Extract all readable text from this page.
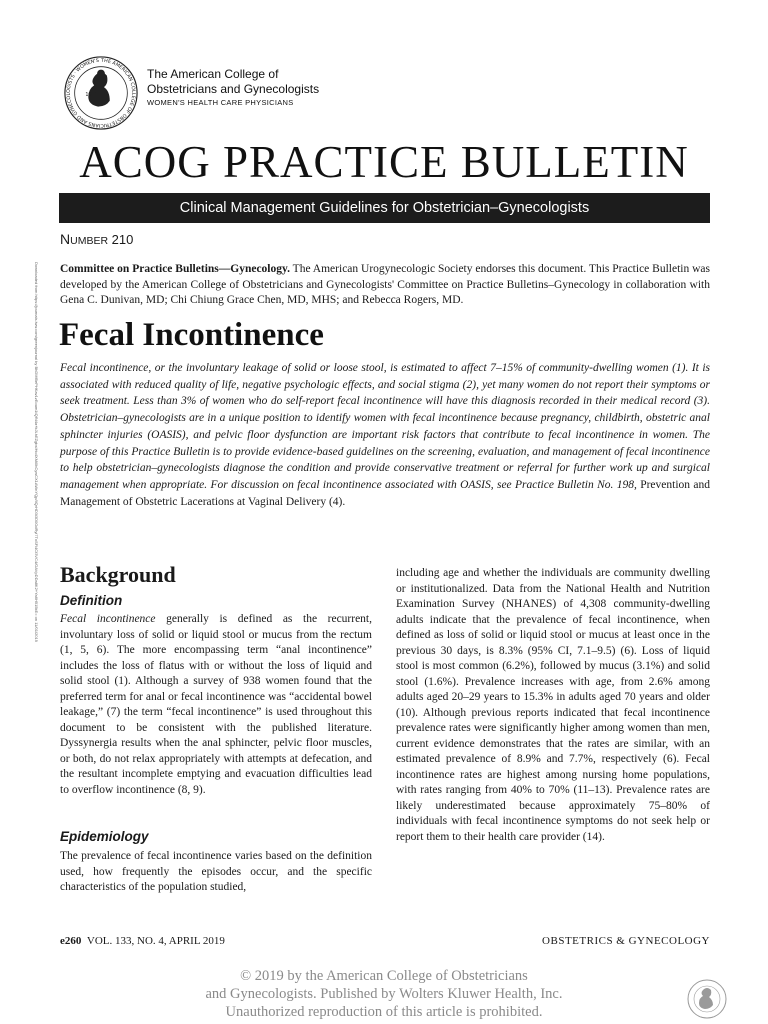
THE AMERICAN COLLEGE OF OBSTETRICIANS AND GYNECOLOGISTS · WOMEN'S
1951
The American College of
Obstetricians and Gynecologists
WOMEN'S HEALTH CARE PHYSICIANS
ACOG PRACTICE BULLETIN
Clinical Management Guidelines for Obstetrician–Gynecologists
NUMBER 210
Downloaded from https://journals.lww.com/greenjournal by BhDMf5ePHKav1zEoum1tQfN4a+kJLhEZgbsIHo4XMi0hCywCX1AWnYQp/IlQrHD3i3D0OdRyi7TvSFl4Cf3VC4/OAVpDDa8K2+Ya6H515kE= on 11/01/2019 Committee on Practice Bulletins—Gynecology. The American Urogynecologic Society endorses this document. This Practice Bulletin was developed by the American College of Obstetricians and Gynecologists' Committee on Practice Bulletins–Gynecology in collaboration with Gena C. Dunivan, MD; Chi Chiung Grace Chen, MD, MHS; and Rebecca Rogers, MD.
Fecal Incontinence
Fecal incontinence, or the involuntary leakage of solid or loose stool, is estimated to affect 7–15% of community-dwelling women (1). It is associated with reduced quality of life, negative psychologic effects, and social stigma (2), yet many women do not report their symptoms or seek treatment. Less than 3% of women who do self-report fecal incontinence will have this diagnosis recorded in their medical record (3). Obstetrician–gynecologists are in a unique position to identify women with fecal incontinence because pregnancy, childbirth, obstetric anal sphincter injuries (OASIS), and pelvic floor dysfunction are important risk factors that contribute to fecal incontinence in women. The purpose of this Practice Bulletin is to provide evidence-based guidelines on the screening, evaluation, and management of fecal incontinence to help obstetrician–gynecologists diagnose the condition and provide conservative treatment or referral for further work up and surgical management when appropriate. For discussion on fecal incontinence associated with OASIS, see Practice Bulletin No. 198, Prevention and Management of Obstetric Lacerations at Vaginal Delivery (4).
Background
Definition
Fecal incontinence generally is defined as the recurrent, involuntary loss of solid or liquid stool or mucus from the rectum (1, 5, 6). The more encompassing term “anal incontinence” includes the loss of flatus with or without the loss of liquid and solid stool (1). Although a survey of 938 women found that the preferred term for anal or fecal incontinence was “accidental bowel leakage,” (7) the term “fecal incontinence” is used throughout this document to be consistent with the published literature. Dyssynergia results when the anal sphincter, pelvic floor muscles, or both, do not relax appropriately with attempts at defecation, and the resultant incomplete emptying and evacuation difficulties lead to overflow incontinence (8, 9).
Epidemiology
The prevalence of fecal incontinence varies based on the definition used, how frequently the episodes occur, and the specific characteristics of the population studied,
including age and whether the individuals are community dwelling or institutionalized. Data from the National Health and Nutrition Examination Survey (NHANES) of 4,308 community-dwelling adults indicate that the prevalence of fecal incontinence, when defined as loss of solid or liquid stool or mucus at least once in the previous 30 days, is 8.3% (95% CI, 7.1–9.5) (6). Loss of liquid stool is most common (6.2%), followed by mucus (3.1%) and solid stool (1.6%). Prevalence increases with age, from 2.6% among adults aged 20–29 years to 15.3% in adults aged 70 years and older (10). Although previous reports indicated that fecal incontinence prevalence rates were significantly higher among women than men, current evidence demonstrates that the rates are similar, with an estimated prevalence of 8.9% and 7.7%, respectively (6). Fecal incontinence rates are highest among nursing home populations, with rates ranging from 40% to 70% (11–13). Prevalence rates are likely underestimated because approximately 75–80% of individuals with fecal incontinence symptoms do not seek help or report them to their health care provider (14).
e260 VOL. 133, NO. 4, APRIL 2019	OBSTETRICS & GYNECOLOGY
© 2019 by the American College of Obstetricians
and Gynecologists. Published by Wolters Kluwer Health, Inc.
Unauthorized reproduction of this article is prohibited.
